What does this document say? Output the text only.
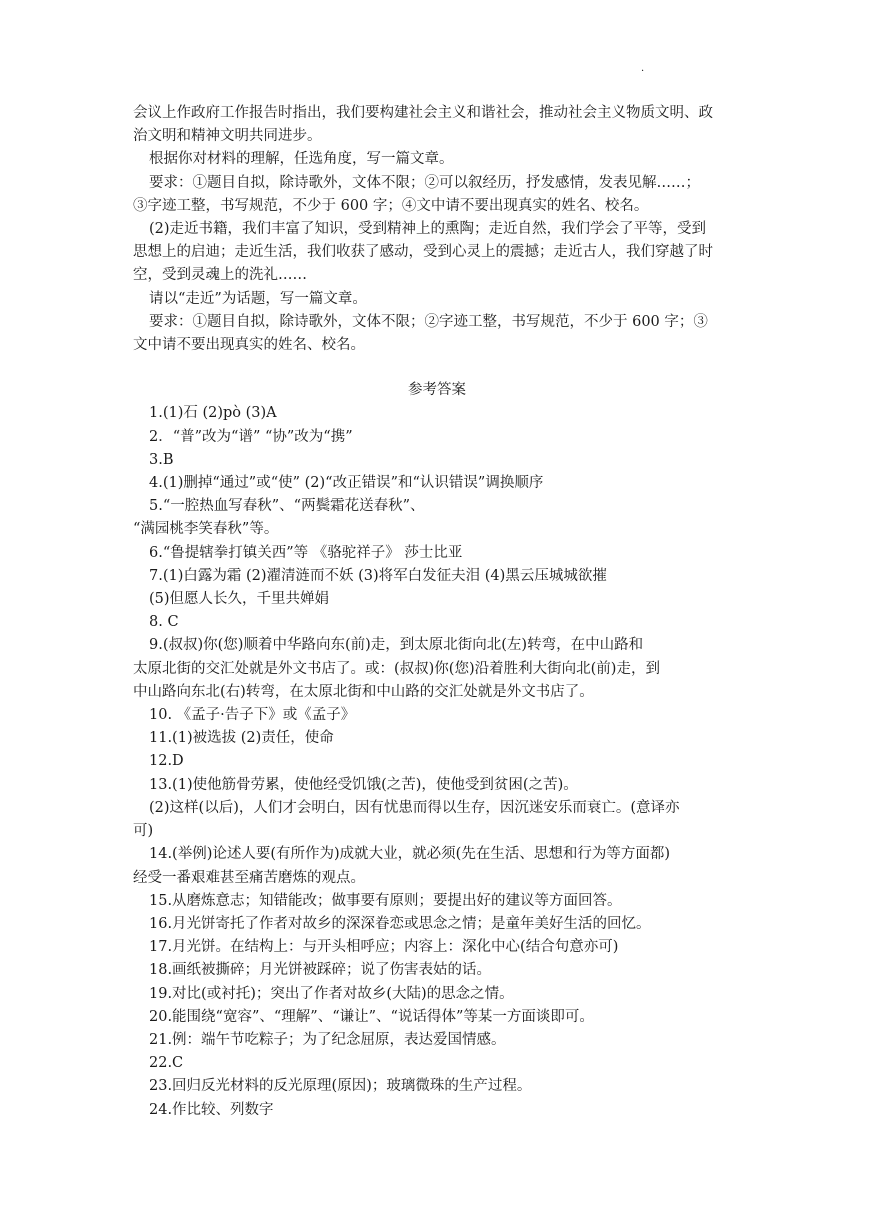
·

会议上作政府工作报告时指出，我们要构建社会主义和谐社会，推动社会主义物质文明、政

治文明和精神文明共同进步。

根据你对材料的理解，任选角度，写一篇文章。

要求：①题目自拟，除诗歌外，文体不限；②可以叙经历，抒发感情，发表见解……；

③字迹工整，书写规范，不少于 600 字；④文中请不要出现真实的姓名、校名。

(2)走近书籍，我们丰富了知识，受到精神上的熏陶；走近自然，我们学会了平等，受到

思想上的启迪；走近生活，我们收获了感动，受到心灵上的震撼；走近古人，我们穿越了时

空，受到灵魂上的洗礼……

请以“走近”为话题，写一篇文章。

要求：①题目自拟，除诗歌外，文体不限；②字迹工整，书写规范，不少于 600 字；③

文中请不要出现真实的姓名、校名。

参考答案

1.(1)石 (2)pò (3)A

2．“普”改为“谱” “协”改为“携”

3.B

4.(1)删掉“通过”或“使” (2)“改正错误”和“认识错误”调换顺序

5.“一腔热血写春秋”、“两鬓霜花送春秋”、

“满园桃李笑春秋”等。

6.“鲁提辖拳打镇关西”等 《骆驼祥子》 莎士比亚

7.(1)白露为霜 (2)濯清涟而不妖 (3)将军白发征夫泪 (4)黑云压城城欲摧

(5)但愿人长久，千里共婵娟

8. C

9.(叔叔)你(您)顺着中华路向东(前)走，到太原北街向北(左)转弯，在中山路和

太原北街的交汇处就是外文书店了。或：(叔叔)你(您)沿着胜利大街向北(前)走，到

中山路向东北(右)转弯，在太原北街和中山路的交汇处就是外文书店了。

10. 《孟子·告子下》或《孟子》

11.(1)被选拔 (2)责任，使命

12.D

13.(1)使他筋骨劳累，使他经受饥饿(之苦)，使他受到贫困(之苦)。

(2)这样(以后)，人们才会明白，因有忧患而得以生存，因沉迷安乐而衰亡。(意译亦

可)

14.(举例)论述人要(有所作为)成就大业，就必须(先在生活、思想和行为等方面都)

经受一番艰难甚至痛苦磨炼的观点。

15.从磨炼意志；知错能改；做事要有原则；要提出好的建议等方面回答。

16.月光饼寄托了作者对故乡的深深眷恋或思念之情；是童年美好生活的回忆。

17.月光饼。在结构上：与开头相呼应；内容上：深化中心(结合句意亦可)

18.画纸被撕碎；月光饼被踩碎；说了伤害表姑的话。

19.对比(或衬托)；突出了作者对故乡(大陆)的思念之情。

20.能围绕“宽容”、“理解”、“谦让”、“说话得体”等某一方面谈即可。

21.例：端午节吃粽子；为了纪念屈原，表达爱国情感。

22.C

23.回归反光材料的反光原理(原因)；玻璃微珠的生产过程。

24.作比较、列数字
